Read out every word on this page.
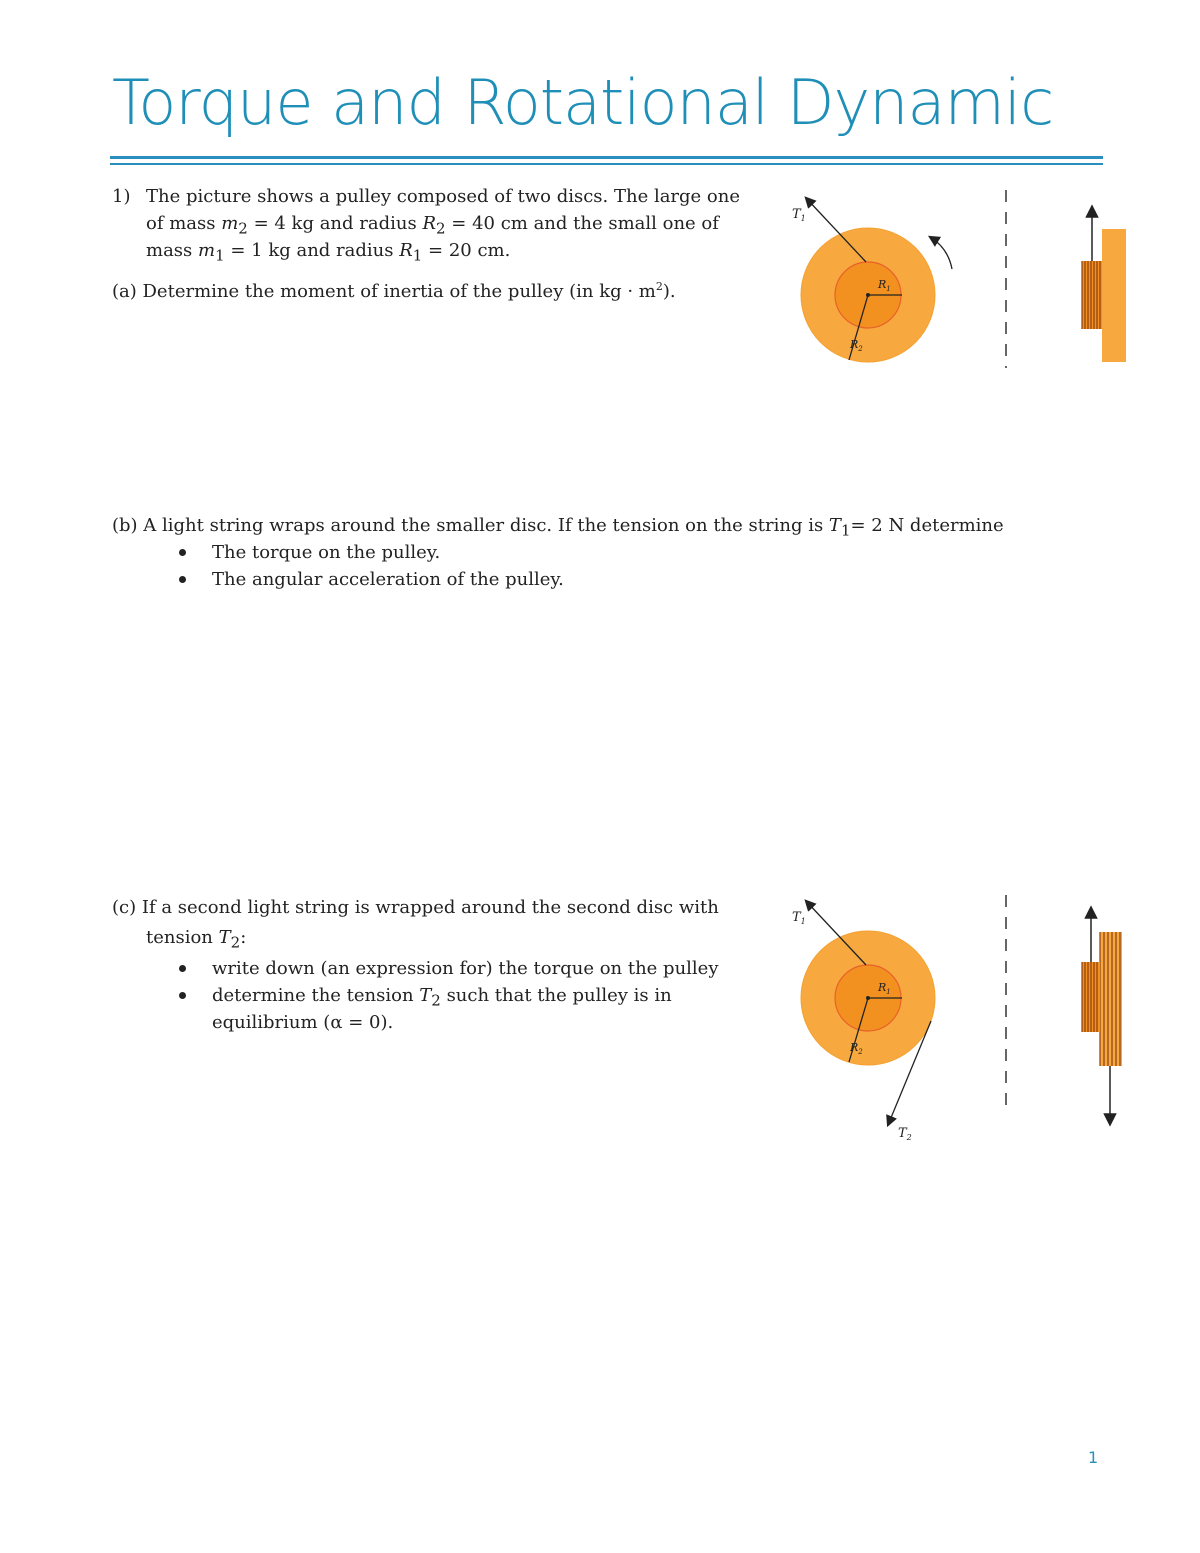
Torque and Rotational Dynamic
1) The picture shows a pulley composed of two discs. The large one
of mass $m_2 = 4$ kg and radius $R_2 = 40$ cm and the small one of
mass $m_1 = 1$ kg and radius $R_1 = 20$ cm.
(a) Determine the moment of inertia of the pulley (in kg · $m^2$).
(b) A light string wraps around the smaller disc. If the tension on the string is $T_1= 2$ N determine
The torque on the pulley.
The angular acceleration of the pulley.
(c) If a second light string is wrapped around the second disc with
tension $T_2$:
write down (an expression for) the torque on the pulley
determine the tension $T_2$ such that the pulley is in
equilibrium (α = 0).
$T_1$
$R_1$
$R_2$
$T_1$
$T_2$
$R_1$
$R_2$
1
